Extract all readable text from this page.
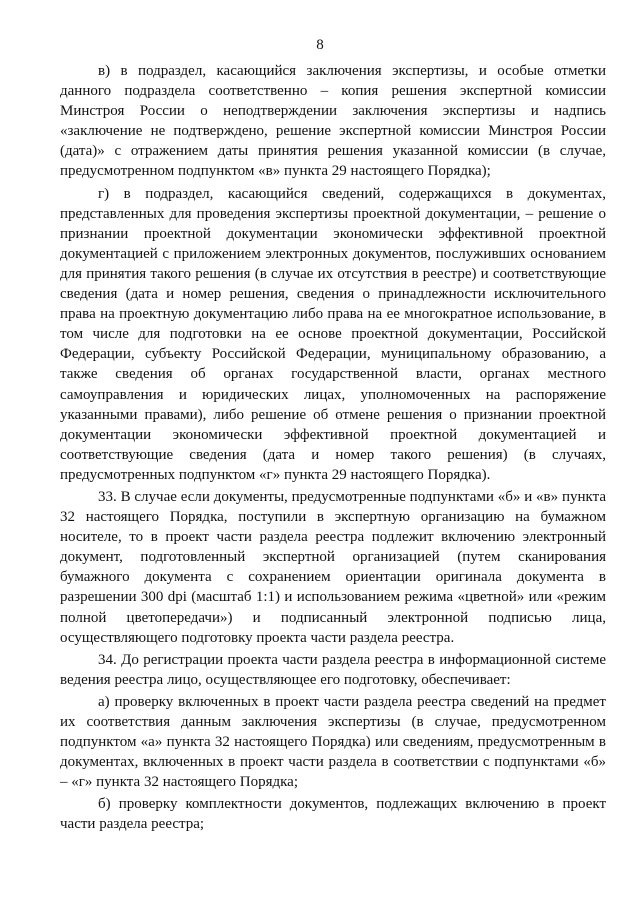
8

в) в подраздел, касающийся заключения экспертизы, и особые отметки данного подраздела соответственно – копия решения экспертной комиссии Минстроя России о неподтверждении заключения экспертизы и надпись «заключение не подтверждено, решение экспертной комиссии Минстроя России (дата)» с отражением даты принятия решения указанной комиссии (в случае, предусмотренном подпунктом «в» пункта 29 настоящего Порядка);

г) в подраздел, касающийся сведений, содержащихся в документах, представленных для проведения экспертизы проектной документации, – решение о признании проектной документации экономически эффективной проектной документацией с приложением электронных документов, послуживших основанием для принятия такого решения (в случае их отсутствия в реестре) и соответствующие сведения (дата и номер решения, сведения о принадлежности исключительного права на проектную документацию либо права на ее многократное использование, в том числе для подготовки на ее основе проектной документации, Российской Федерации, субъекту Российской Федерации, муниципальному образованию, а также сведения об органах государственной власти, органах местного самоуправления и юридических лицах, уполномоченных на распоряжение указанными правами), либо решение об отмене решения о признании проектной документации экономически эффективной проектной документацией и соответствующие сведения (дата и номер такого решения) (в случаях, предусмотренных подпунктом «г» пункта 29 настоящего Порядка).

33. В случае если документы, предусмотренные подпунктами «б» и «в» пункта 32 настоящего Порядка, поступили в экспертную организацию на бумажном носителе, то в проект части раздела реестра подлежит включению электронный документ, подготовленный экспертной организацией (путем сканирования бумажного документа с сохранением ориентации оригинала документа в разрешении 300 dpi (масштаб 1:1) и использованием режима «цветной» или «режим полной цветопередачи») и подписанный электронной подписью лица, осуществляющего подготовку проекта части раздела реестра.

34. До регистрации проекта части раздела реестра в информационной системе ведения реестра лицо, осуществляющее его подготовку, обеспечивает:

а) проверку включенных в проект части раздела реестра сведений на предмет их соответствия данным заключения экспертизы (в случае, предусмотренном подпунктом «а» пункта 32 настоящего Порядка) или сведениям, предусмотренным в документах, включенных в проект части раздела в соответствии с подпунктами «б» – «г» пункта 32 настоящего Порядка;

б) проверку комплектности документов, подлежащих включению в проект части раздела реестра;
